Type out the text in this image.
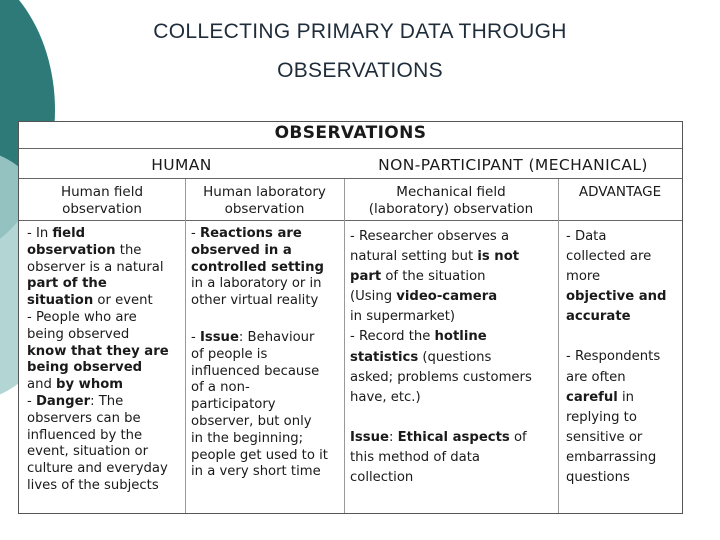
COLLECTING PRIMARY DATA THROUGH
OBSERVATIONS
OBSERVATIONS
HUMAN	NON-PARTICIPANT (MECHANICAL)
Human field
observation
Human laboratory
observation
Mechanical field
(laboratory) observation
ADVANTAGE
- In field
observation the
observer is a natural
part of the
situation or event
- People who are
being observed
know that they are
being observed
and by whom
- Danger: The
observers can be
influenced by the
event, situation or
culture and everyday
lives of the subjects
- Reactions are
observed in a
controlled setting
in a laboratory or in
other virtual reality

- Issue: Behaviour
of people is
influenced because
of a non-
participatory
observer, but only
in the beginning;
people get used to it
in a very short time
- Researcher observes a
natural setting but is not
part of the situation
(Using video-camera
in supermarket)
- Record the hotline
statistics (questions
asked; problems customers
have, etc.)

Issue: Ethical aspects of
this method of data
collection
- Data
collected are
more
objective and
accurate

- Respondents
are often
careful in
replying to
sensitive or
embarrassing
questions
